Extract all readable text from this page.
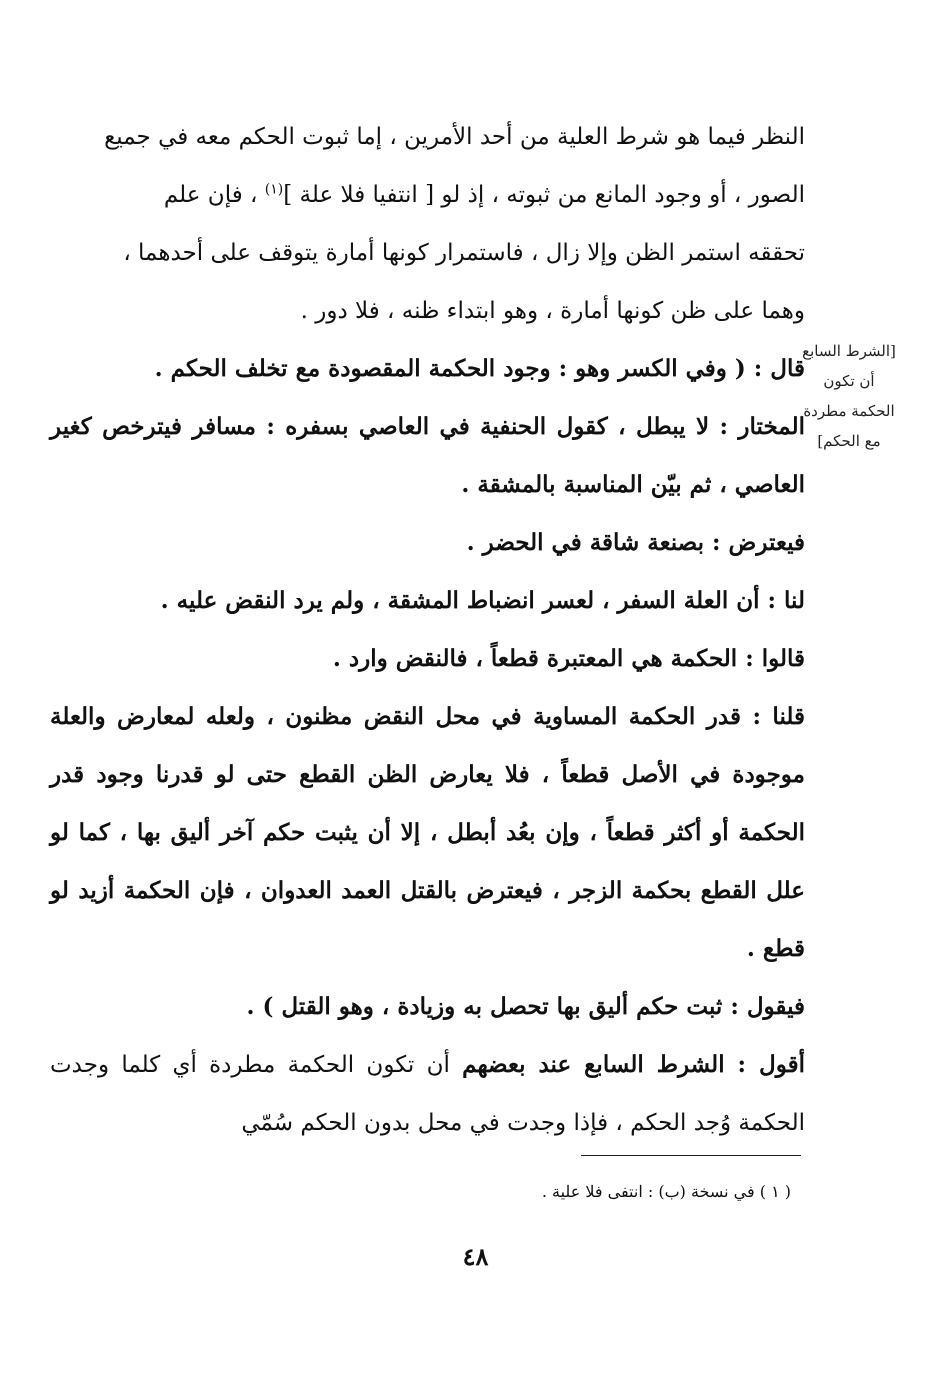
النظر فيما هو شرط العلية من أحد الأمرين ، إما ثبوت الحكم معه في جميع

الصور ، أو وجود المانع من ثبوته ، إذ لو [ انتفيا فلا علة ]$^{(١)}$ ، فإن علم

تحققه استمر الظن وإلا زال ، فاستمرار كونها أمارة يتوقف على أحدهما ،

وهما على ظن كونها أمارة ، وهو ابتداء ظنه ، فلا دور .

قال : ( وفي الكسر وهو : وجود الحكمة المقصودة مع تخلف الحكم .

المختار : لا يبطل ، كقول الحنفية في العاصي بسفره : مسافر فيترخص كغير العاصي ، ثم بيّن المناسبة بالمشقة .

فيعترض : بصنعة شاقة في الحضر .

لنا : أن العلة السفر ، لعسر انضباط المشقة ، ولم يرد النقض عليه .

قالوا : الحكمة هي المعتبرة قطعاً ، فالنقض وارد .

قلنا : قدر الحكمة المساوية في محل النقض مظنون ، ولعله لمعارض والعلة موجودة في الأصل قطعاً ، فلا يعارض الظن القطع حتى لو قدرنا وجود قدر الحكمة أو أكثر قطعاً ، وإن بعُد أبطل ، إلا أن يثبت حكم آخر أليق بها ، كما لو علل القطع بحكمة الزجر ، فيعترض بالقتل العمد العدوان ، فإن الحكمة أزيد لو قطع .

فيقول : ثبت حكم أليق بها تحصل به وزيادة ، وهو القتل ) .

أقول : الشرط السابع عند بعضهم أن تكون الحكمة مطردة أي كلما وجدت الحكمة وُجد الحكم ، فإذا وجدت في محل بدون الحكم سُمّي

[الشرط السابع
أن تكون
الحكمة مطردة
مع الحكم]
( ١ ) في نسخة (ب) : انتفى فلا علية .
٤٨
